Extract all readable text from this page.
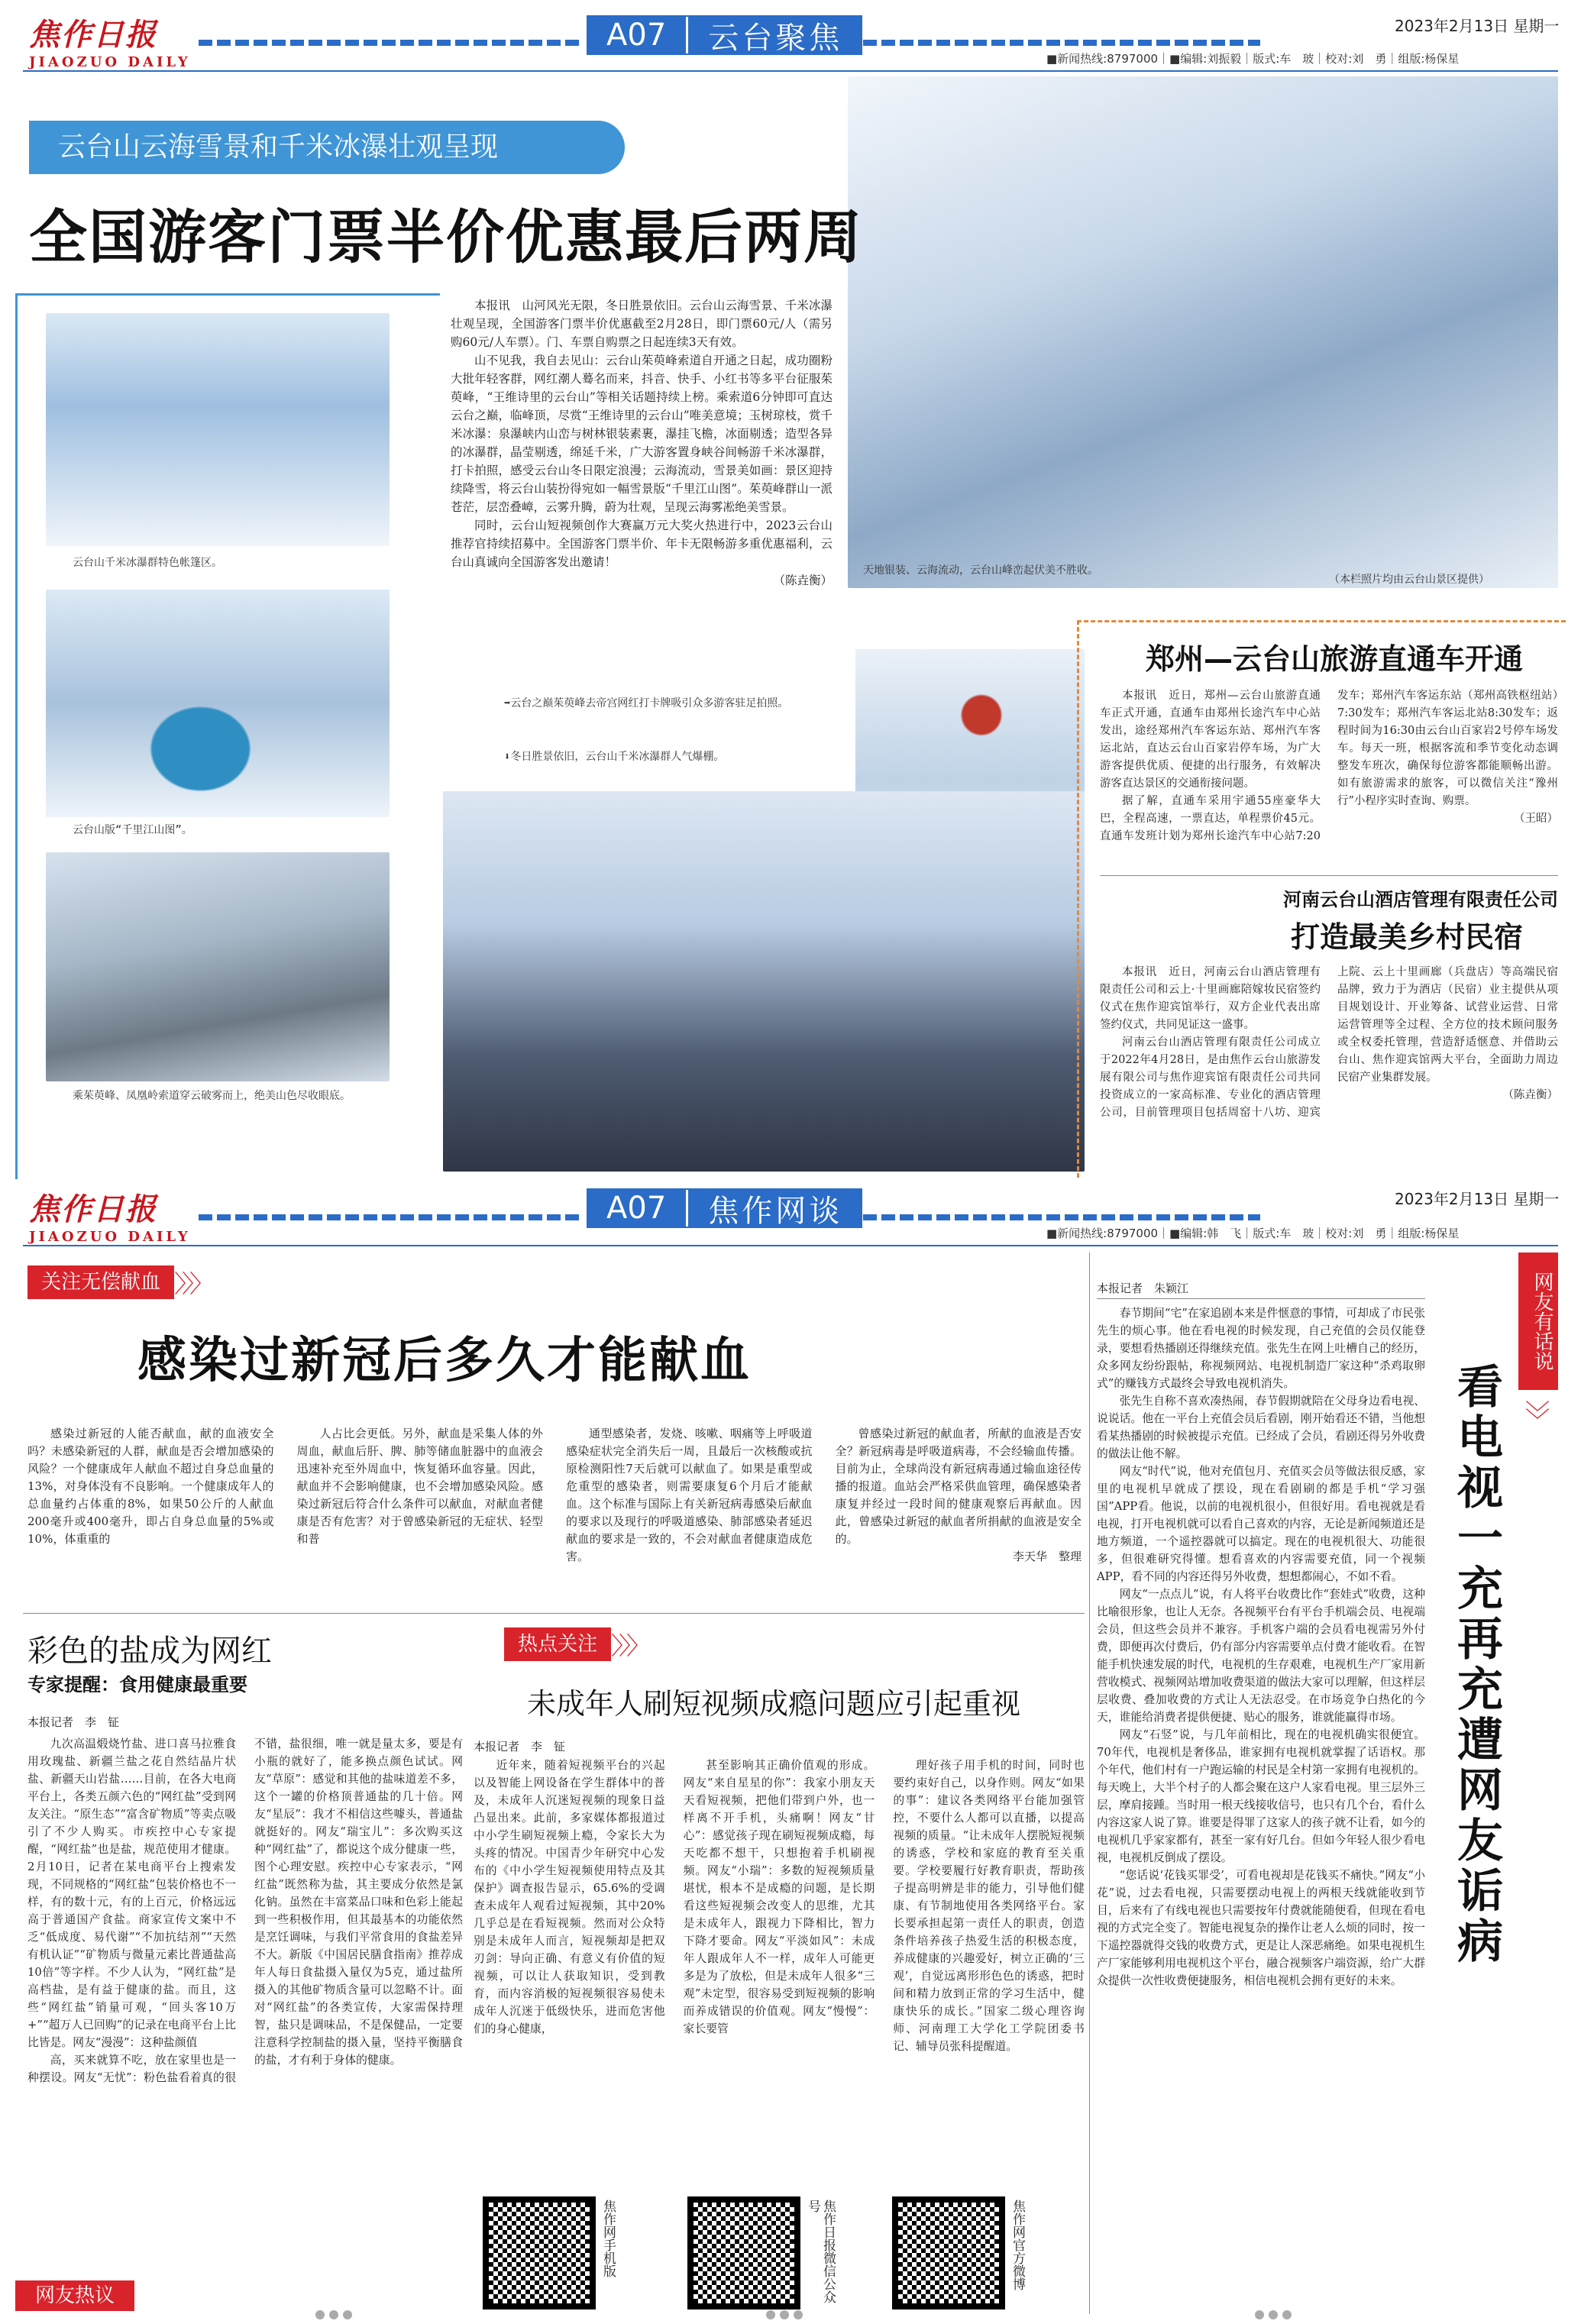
焦作日报
JIAOZUO DAILY
A07	云台聚焦	2023年2月13日 星期一
■新闻热线:8797000｜■编辑:刘振毅｜版式:车　玻｜校对:刘　勇｜组版:杨保星
天地银装、云海流动，云台山峰峦起伏美不胜收。
（本栏照片均由云台山景区提供）
云台山云海雪景和千米冰瀑壮观呈现
全国游客门票半价优惠最后两周
云台山千米冰瀑群特色帐篷区。
云台山版“千里江山图”。
乘茱萸峰、凤凰岭索道穿云破雾而上，绝美山色尽收眼底。

本报讯　山河风光无限，冬日胜景依旧。云台山云海雪景、千米冰瀑壮观呈现，全国游客门票半价优惠截至2月28日，即门票60元/人（需另购60元/人车票）。门、车票自购票之日起连续3天有效。

山不见我，我自去见山：云台山茱萸峰索道自开通之日起，成功圈粉大批年轻客群，网红潮人蓦名而来，抖音、快手、小红书等多平台征服茱萸峰，“王维诗里的云台山”等相关话题持续上榜。乘索道6分钟即可直达云台之巅，临峰顶，尽赏“王维诗里的云台山”唯美意境；玉树琼枝，赏千米冰瀑：泉瀑峡内山峦与树林银装素裹，瀑挂飞檐，冰面剔透；造型各异的冰瀑群，晶莹剔透，绵延千米，广大游客置身峡谷间畅游千米冰瀑群，打卡拍照，感受云台山冬日限定浪漫；云海流动，雪景美如画：景区迎持续降雪，将云台山装扮得宛如一幅雪景版“千里江山图”。茱萸峰群山一派苍茫，层峦叠嶂，云雾升腾，蔚为壮观，呈现云海雾凇绝美雪景。

同时，云台山短视频创作大赛赢万元大奖火热进行中，2023云台山推荐官持续招募中。全国游客门票半价、年卡无限畅游多重优惠福利，云台山真诚向全国游客发出邀请！

（陈垚衡）

➡云台之巅茱萸峰去帝宫网红打卡牌吸引众多游客驻足拍照。
⬇冬日胜景依旧，云台山千米冰瀑群人气爆棚。
郑州—云台山旅游直通车开通

本报讯　近日，郑州—云台山旅游直通车正式开通，直通车由郑州长途汽车中心站发出，途经郑州汽车客运东站、郑州汽车客运北站，直达云台山百家岩停车场，为广大游客提供优质、便捷的出行服务，有效解决游客直达景区的交通衔接问题。

据了解，直通车采用宇通55座豪华大巴，全程高速，一票直达，单程票价45元。直通车发班计划为郑州长途汽车中心站7:20发车；郑州汽车客运东站（郑州高铁枢纽站）7:30发车；郑州汽车客运北站8:30发车；返程时间为16:30由云台山百家岩2号停车场发车。每天一班，根据客流和季节变化动态调整发车班次，确保每位游客都能顺畅出游。如有旅游需求的旅客，可以微信关注“豫州行”小程序实时查询、购票。

（王昭）

河南云台山酒店管理有限责任公司
打造最美乡村民宿

本报讯　近日，河南云台山酒店管理有限责任公司和云上·十里画廊陪嫁妆民宿签约仪式在焦作迎宾馆举行，双方企业代表出席签约仪式，共同见证这一盛事。

河南云台山酒店管理有限责任公司成立于2022年4月28日，是由焦作云台山旅游发展有限公司与焦作迎宾馆有限责任公司共同投资成立的一家高标准、专业化的酒店管理公司，目前管理项目包括周窑十八坊、迎宾上院、云上十里画廊（兵盘店）等高端民宿品牌，致力于为酒店（民宿）业主提供从项目规划设计、开业筹备、试营业运营、日常运营管理等全过程、全方位的技术顾问服务或全权委托管理，营造舒适惬意、并借助云台山、焦作迎宾馆两大平台，全面助力周边民宿产业集群发展。

（陈垚衡）

焦作日报
JIAOZUO DAILY
A07	焦作网谈	2023年2月13日 星期一
■新闻热线:8797000｜■编辑:韩　飞｜版式:车　玻｜校对:刘　勇｜组版:杨保星
关注无偿献血 〉〉〉
感染过新冠后多久才能献血

感染过新冠的人能否献血，献的血液安全吗？未感染新冠的人群，献血是否会增加感染的风险？一个健康成年人献血不超过自身总血量的13%，对身体没有不良影响。一个健康成年人的总血量约占体重的8%，如果50公斤的人献血200毫升或400毫升，即占自身总血量的5%或10%，体重重的

人占比会更低。另外，献血是采集人体的外周血，献血后肝、脾、肺等储血脏器中的血液会迅速补充至外周血中，恢复循环血容量。因此，献血并不会影响健康，也不会增加感染风险。感染过新冠后符合什么条件可以献血，对献血者健康是否有危害？对于曾感染新冠的无症状、轻型和普

通型感染者，发烧、咳嗽、咽痛等上呼吸道感染症状完全消失后一周，且最后一次核酸或抗原检测阳性7天后就可以献血了。如果是重型或危重型的感染者，则需要康复6个月后才能献血。这个标准与国际上有关新冠病毒感染后献血的要求以及现行的呼吸道感染、肺部感染者延迟献血的要求是一致的，不会对献血者健康造成危害。

曾感染过新冠的献血者，所献的血液是否安全？新冠病毒是呼吸道病毒，不会经输血传播。目前为止，全球尚没有新冠病毒通过输血途径传播的报道。血站会严格采供血管理，确保感染者康复并经过一段时间的健康观察后再献血。因此，曾感染过新冠的献血者所捐献的血液是安全的。

李天华　整理

彩色的盐成为网红
专家提醒：食用健康最重要
本报记者　李　钲

九次高温煅烧竹盐、进口喜马拉雅食用玫瑰盐、新疆兰盐之花自然结晶片状盐、新疆天山岩盐……目前，在各大电商平台上，各类五颜六色的“网红盐”受到网友关注。“原生态”“富含矿物质”等卖点吸引了不少人购买。市疾控中心专家提醒，“网红盐”也是盐，规范使用才健康。2月10日，记者在某电商平台上搜索发现，不同规格的“网红盐”包装价格也不一样，有的数十元，有的上百元，价格远远高于普通国产食盐。商家宣传文案中不乏“低成度、易代谢”“不加抗结剂”“天然有机认证”“矿物质与微量元素比普通盐高10倍”等字样。不少人认为，“网红盐”是高档盐，是有益于健康的盐。而且，这些“网红盐”销量可观，“回头客10万+”“超万人已回购”的记录在电商平台上比比皆是。网友“漫漫”：这种盐颜值

高，买来就算不吃，放在家里也是一种摆设。网友“无忧”：粉色盐看着真的很不错，盐很细，唯一就是量太多，要是有小瓶的就好了，能多换点颜色试试。网友“草原”：感觉和其他的盐味道差不多，这个一罐的价格顶普通盐的几十倍。网友“星辰”：我才不相信这些噱头，普通盐就挺好的。网友“瑞宝儿”：多次购买这种“网红盐”了，都说这个成分健康一些，图个心理安慰。疾控中心专家表示，“网红盐”既然称为盐，其主要成分依然是氯化钠。虽然在丰富菜品口味和色彩上能起到一些积极作用，但其最基本的功能依然是烹饪调味，与我们平常食用的食盐差异不大。新版《中国居民膳食指南》推荐成年人每日食盐摄入量仅为5克，通过盐所摄入的其他矿物质含量可以忽略不计。面对“网红盐”的各类宣传，大家需保持理智，盐只是调味品，不是保健品，一定要注意科学控制盐的摄入量，坚持平衡膳食的盐，才有利于身体的健康。

网友热议
热点关注 〉〉〉
未成年人刷短视频成瘾问题应引起重视
本报记者　李　钲

近年来，随着短视频平台的兴起以及智能上网设备在学生群体中的普及，未成年人沉迷短视频的现象日益凸显出来。此前，多家媒体都报道过中小学生刷短视频上瘾，令家长大为头疼的情况。中国青少年研究中心发布的《中小学生短视频使用特点及其保护》调查报告显示，65.6%的受调查未成年人观看过短视频，其中20%几乎总是在看短视频。然而对公众特别是未成年人而言，短视频却是把双刃剑：导向正确、有意义有价值的短视频，可以让人获取知识，受到教育，而内容消极的短视频很容易使未成年人沉迷于低级快乐，进而危害他们的身心健康，

甚至影响其正确价值观的形成。网友“来自星星的你”：我家小朋友天天看短视频，把他们带到户外，也一样离不开手机，头痛啊！网友“甘心”：感觉孩子现在刷短视频成瘾，每天吃都不想干，只想抱着手机刷视频。网友“小瑞”：多数的短视频质量堪忧，根本不是成瘾的问题，是长期看这些短视频会改变人的思维，尤其是未成年人，跟视力下降相比，智力下降才要命。网友“平淡如风”：未成年人跟成年人不一样，成年人可能更多是为了放松，但是未成年人很多“三观”未定型，很容易受到短视频的影响而养成错误的价值观。网友“慢慢”：家长要管

理好孩子用手机的时间，同时也要约束好自己，以身作则。网友“如果的事”：建议各类网络平台能加强管控，不要什么人都可以直播，以提高视频的质量。“让未成年人摆脱短视频的诱惑，学校和家庭的教育至关重要。学校要履行好教育职责，帮助孩子提高明辨是非的能力，引导他们健康、有节制地使用各类网络平台。家长要承担起第一责任人的职责，创造条件培养孩子热爱生活的积极态度，养成健康的兴趣爱好，树立正确的‘三观’，自觉远离形形色色的诱惑，把时间和精力放到正常的学习生活中，健康快乐的成长。”国家二级心理咨询师、河南理工大学化工学院团委书记、辅导员张科提醒道。

焦作网手机版	焦作日报微信公众号	焦作网官方微博
本报记者　朱颖江

春节期间“宅”在家追剧本来是件惬意的事情，可却成了市民张先生的烦心事。他在看电视的时候发现，自己充值的会员仅能登录，要想看热播剧还得继续充值。张先生在网上吐槽自己的经历，众多网友纷纷跟帖，称视频网站、电视机制造厂家这种“杀鸡取卵式”的赚钱方式最终会导致电视机消失。

张先生自称不喜欢凑热闹，春节假期就陪在父母身边看电视、说说话。他在一平台上充值会员后看剧，刚开始看还不错，当他想看某热播剧的时候被提示充值。已经成了会员，看剧还得另外收费的做法让他不解。

网友“时代”说，他对充值包月、充值买会员等做法很反感，家里的电视机早就成了摆设，现在看剧刷的都是手机“学习强国”APP看。他说，以前的电视机很小，但很好用。看电视就是看电视，打开电视机就可以看自己喜欢的内容，无论是新闻频道还是地方频道，一个遥控器就可以搞定。现在的电视机很大、功能很多，但很难研究得懂。想看喜欢的内容需要充值，同一个视频APP，看不同的内容还得另外收费，想想都闹心，不如不看。

网友“一点点儿”说，有人将平台收费比作“套娃式”收费，这种比喻很形象，也让人无奈。各视频平台有平台手机端会员、电视端会员，但这些会员并不兼容。手机客户端的会员看电视需另外付费，即便再次付费后，仍有部分内容需要单点付费才能收看。在智能手机快速发展的时代，电视机的生存艰难，电视机生产厂家用新营收模式、视频网站增加收费渠道的做法大家可以理解，但这样层层收费、叠加收费的方式让人无法忍受。在市场竞争白热化的今天，谁能给消费者提供便捷、贴心的服务，谁就能赢得市场。

网友“石竖”说，与几年前相比，现在的电视机确实很便宜。70年代，电视机是奢侈品，谁家拥有电视机就掌握了话语权。那个年代，他们村有一户跑运输的村民是全村第一家拥有电视机的。每天晚上，大半个村子的人都会聚在这户人家看电视。里三层外三层，摩肩接踵。当时用一根天线接收信号，也只有几个台，看什么内容这家人说了算。谁要是得罪了这家人的孩子就不让看，如今的电视机几乎家家都有，甚至一家有好几台。但如今年轻人很少看电视，电视机反倒成了摆设。

“您话说‘花钱买罪受’，可看电视却是花钱买不痛快。”网友“小花”说，过去看电视，只需要摆动电视上的两根天线就能收到节目，后来有了有线电视也只需要按年付费就能随便看，但现在看电视的方式完全变了。智能电视复杂的操作让老人么烦的同时，按一下遥控器就得交钱的收费方式，更是让人深恶痛绝。如果电视机生产厂家能够利用电视机这个平台，融合视频客户端资源，给广大群众提供一次性收费便捷服务，相信电视机会拥有更好的未来。

网友有话说
〉〉
看电视一充再充遭网友诟病
